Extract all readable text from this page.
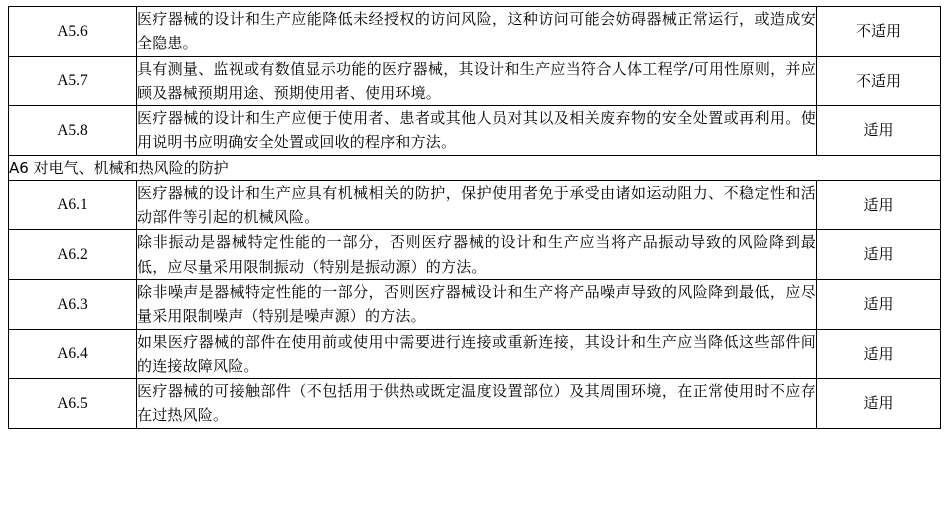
A5.6	医疗器械的设计和生产应能降低未经授权的访问风险，这种访问可能会妨碍器械正常运行，或造成安全隐患。	不适用
A5.7	具有测量、监视或有数值显示功能的医疗器械，其设计和生产应当符合人体工程学/可用性原则，并应顾及器械预期用途、预期使用者、使用环境。	不适用
A5.8	医疗器械的设计和生产应便于使用者、患者或其他人员对其以及相关废弃物的安全处置或再利用。使用说明书应明确安全处置或回收的程序和方法。	适用
A6 对电气、机械和热风险的防护		
A6.1	医疗器械的设计和生产应具有机械相关的防护，保护使用者免于承受由诸如运动阻力、不稳定性和活动部件等引起的机械风险。	适用
A6.2	除非振动是器械特定性能的一部分，否则医疗器械的设计和生产应当将产品振动导致的风险降到最低，应尽量采用限制振动（特别是振动源）的方法。	适用
A6.3	除非噪声是器械特定性能的一部分，否则医疗器械设计和生产将产品噪声导致的风险降到最低，应尽量采用限制噪声（特别是噪声源）的方法。	适用
A6.4	如果医疗器械的部件在使用前或使用中需要进行连接或重新连接，其设计和生产应当降低这些部件间的连接故障风险。	适用
A6.5	医疗器械的可接触部件（不包括用于供热或既定温度设置部位）及其周围环境，在正常使用时不应存在过热风险。	适用
